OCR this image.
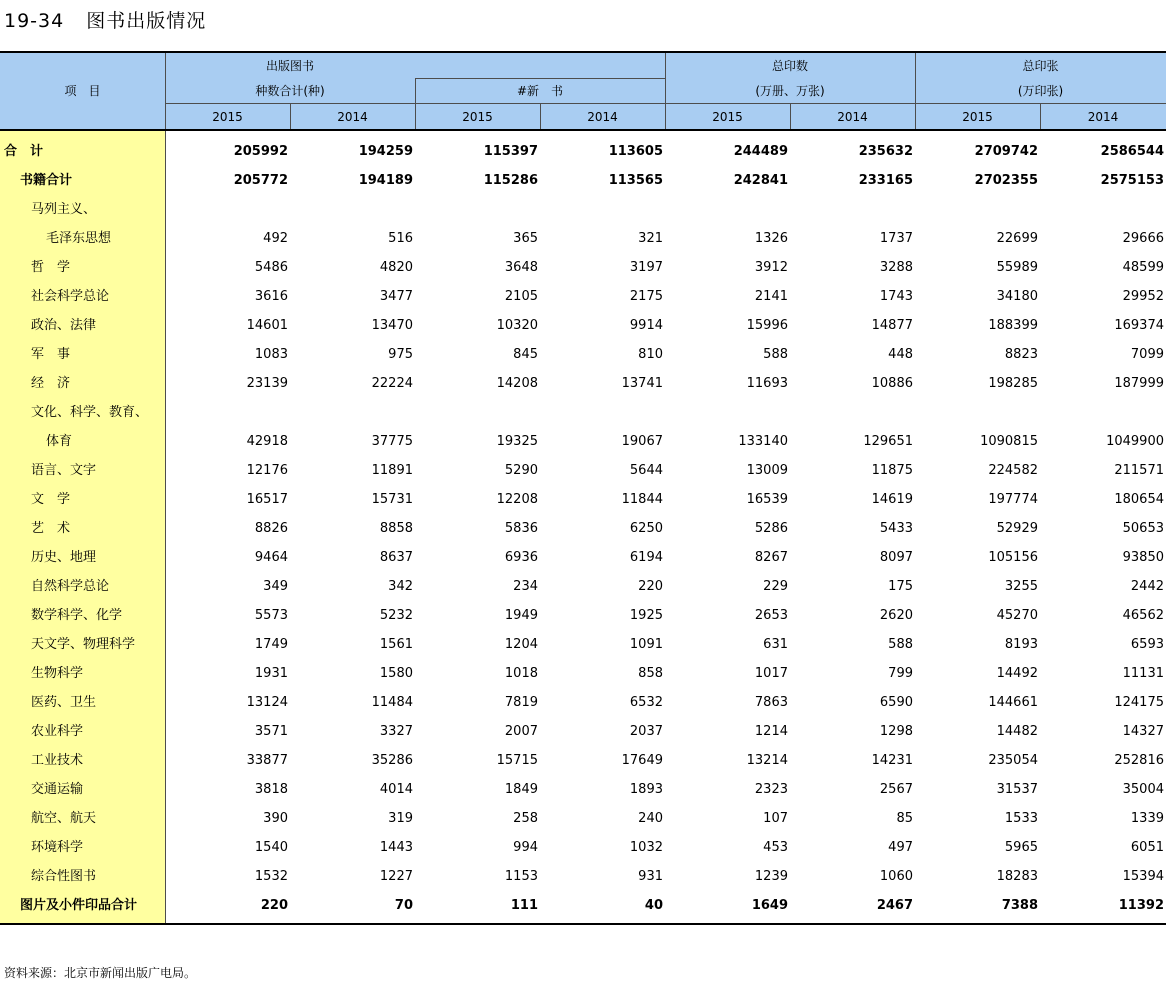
19-34 图书出版情况
项　目
出版图书
种数合计(种)	#新　书
总印数
(万册、万张)
总印张
(万印张)
2015	2014	2015	2014	2015	2014	2015	2014
合　计	205992	194259	115397	113605	244489	235632	2709742	2586544
书籍合计	205772	194189	115286	113565	242841	233165	2702355	2575153
马列主义、								
毛泽东思想	492	516	365	321	1326	1737	22699	29666
哲　学	5486	4820	3648	3197	3912	3288	55989	48599
社会科学总论	3616	3477	2105	2175	2141	1743	34180	29952
政治、法律	14601	13470	10320	9914	15996	14877	188399	169374
军　事	1083	975	845	810	588	448	8823	7099
经　济	23139	22224	14208	13741	11693	10886	198285	187999
文化、科学、教育、								
体育	42918	37775	19325	19067	133140	129651	1090815	1049900
语言、文字	12176	11891	5290	5644	13009	11875	224582	211571
文　学	16517	15731	12208	11844	16539	14619	197774	180654
艺　术	8826	8858	5836	6250	5286	5433	52929	50653
历史、地理	9464	8637	6936	6194	8267	8097	105156	93850
自然科学总论	349	342	234	220	229	175	3255	2442
数学科学、化学	5573	5232	1949	1925	2653	2620	45270	46562
天文学、物理科学	1749	1561	1204	1091	631	588	8193	6593
生物科学	1931	1580	1018	858	1017	799	14492	11131
医药、卫生	13124	11484	7819	6532	7863	6590	144661	124175
农业科学	3571	3327	2007	2037	1214	1298	14482	14327
工业技术	33877	35286	15715	17649	13214	14231	235054	252816
交通运输	3818	4014	1849	1893	2323	2567	31537	35004
航空、航天	390	319	258	240	107	85	1533	1339
环境科学	1540	1443	994	1032	453	497	5965	6051
综合性图书	1532	1227	1153	931	1239	1060	18283	15394
图片及小件印品合计	220	70	111	40	1649	2467	7388	11392
资料来源：北京市新闻出版广电局。
